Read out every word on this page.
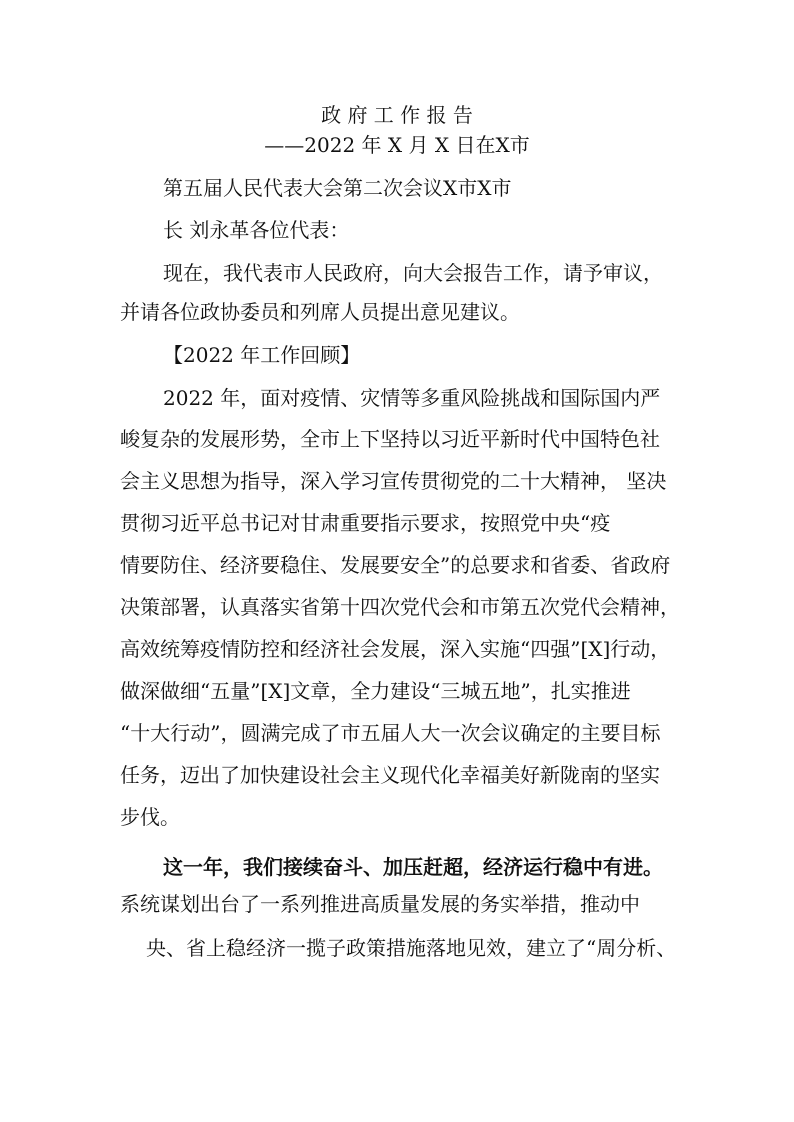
政 府 工 作 报 告

——2022 年 X 月 X 日在X市

第五届人民代表大会第二次会议X市X市

长 刘永革各位代表：

现在，我代表市人民政府，向大会报告工作，请予审议，

并请各位政协委员和列席人员提出意见建议。

【2022 年工作回顾】

2022 年，面对疫情、灾情等多重风险挑战和国际国内严

峻复杂的发展形势，全市上下坚持以习近平新时代中国特色社

会主义思想为指导，深入学习宣传贯彻党的二十大精神， 坚决

贯彻习近平总书记对甘肃重要指示要求，按照党中央“疫

情要防住、经济要稳住、发展要安全”的总要求和省委、省政府

决策部署，认真落实省第十四次党代会和市第五次党代会精神，

高效统筹疫情防控和经济社会发展，深入实施“四强”[X]行动，

做深做细“五量”[X]文章，全力建设“三城五地”，扎实推进

“十大行动”，圆满完成了市五届人大一次会议确定的主要目标

任务，迈出了加快建设社会主义现代化幸福美好新陇南的坚实

步伐。

这一年，我们接续奋斗、加压赶超，经济运行稳中有进。

系统谋划出台了一系列推进高质量发展的务实举措，推动中

央、省上稳经济一揽子政策措施落地见效，建立了“周分析、
